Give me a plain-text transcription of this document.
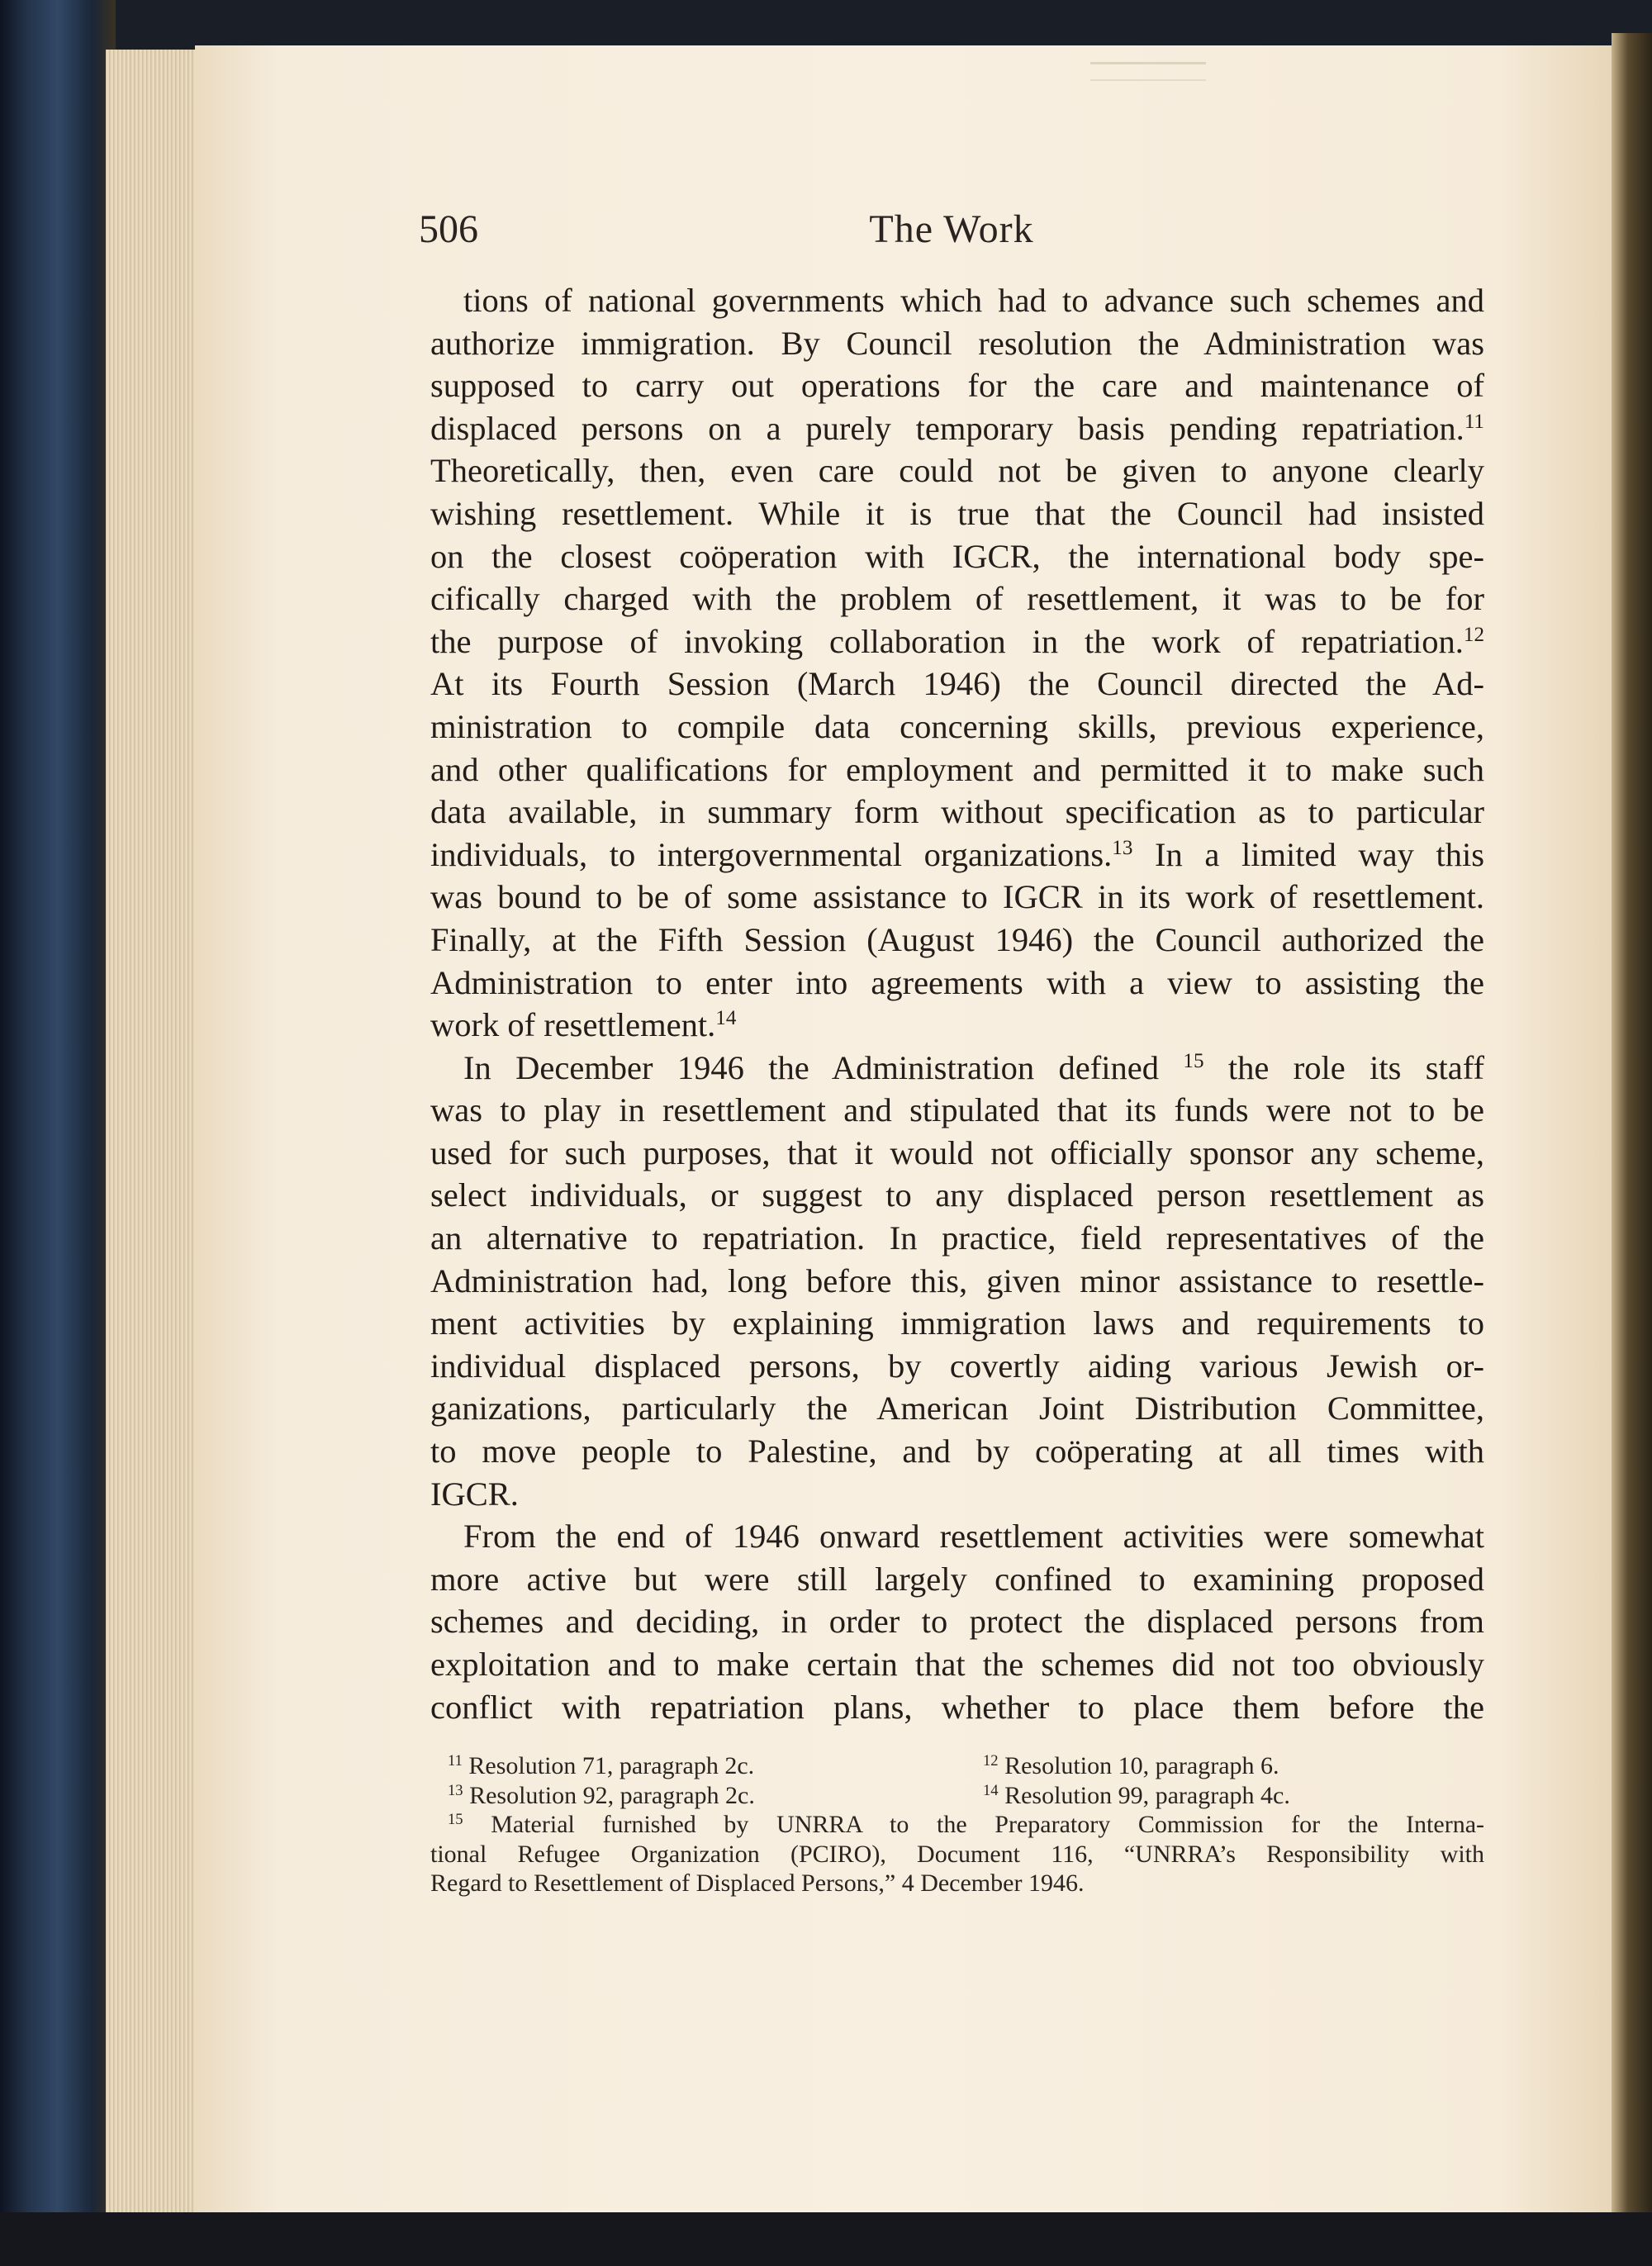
506	The Work
tions of national governments which had to advance such schemes and
authorize immigration. By Council resolution the Administration was
supposed to carry out operations for the care and maintenance of
displaced persons on a purely temporary basis pending repatriation.$^{11}$
Theoretically, then, even care could not be given to anyone clearly
wishing resettlement. While it is true that the Council had insisted
on the closest coöperation with IGCR, the international body spe-
cifically charged with the problem of resettlement, it was to be for
the purpose of invoking collaboration in the work of repatriation.$^{12}$
At its Fourth Session (March 1946) the Council directed the Ad-
ministration to compile data concerning skills, previous experience,
and other qualifications for employment and permitted it to make such
data available, in summary form without specification as to particular
individuals, to intergovernmental organizations.$^{13}$ In a limited way this
was bound to be of some assistance to IGCR in its work of resettlement.
Finally, at the Fifth Session (August 1946) the Council authorized the
Administration to enter into agreements with a view to assisting the
work of resettlement.$^{14}$
In December 1946 the Administration defined $^{15}$ the role its staff
was to play in resettlement and stipulated that its funds were not to be
used for such purposes, that it would not officially sponsor any scheme,
select individuals, or suggest to any displaced person resettlement as
an alternative to repatriation. In practice, field representatives of the
Administration had, long before this, given minor assistance to resettle-
ment activities by explaining immigration laws and requirements to
individual displaced persons, by covertly aiding various Jewish or-
ganizations, particularly the American Joint Distribution Committee,
to move people to Palestine, and by coöperating at all times with
IGCR.
From the end of 1946 onward resettlement activities were somewhat
more active but were still largely confined to examining proposed
schemes and deciding, in order to protect the displaced persons from
exploitation and to make certain that the schemes did not too obviously
conflict with repatriation plans, whether to place them before the
$^{11}$ Resolution 71, paragraph 2c.	$^{12}$ Resolution 10, paragraph 6.
$^{13}$ Resolution 92, paragraph 2c.	$^{14}$ Resolution 99, paragraph 4c.
$^{15}$ Material furnished by UNRRA to the Preparatory Commission for the Interna-
tional Refugee Organization (PCIRO), Document 116, “UNRRA’s Responsibility with
Regard to Resettlement of Displaced Persons,” 4 December 1946.
